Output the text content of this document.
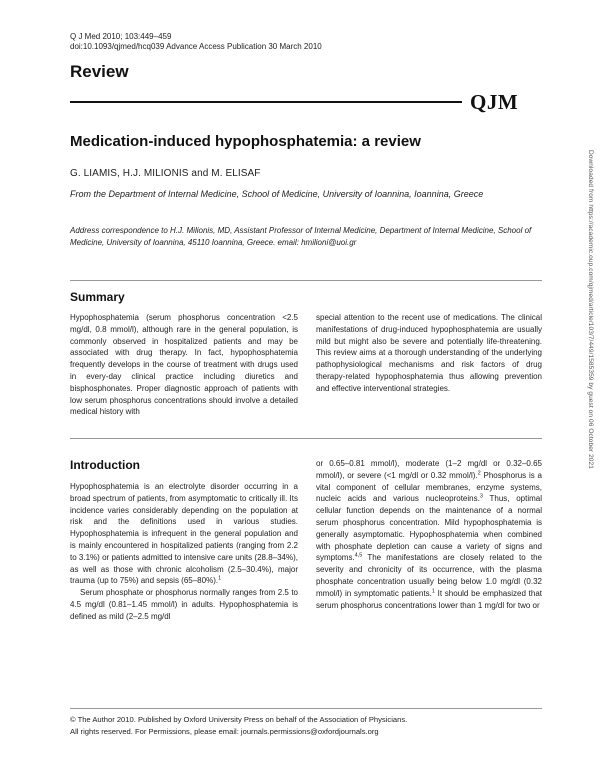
Q J Med 2010; 103:449–459
doi:10.1093/qjmed/hcq039 Advance Access Publication 30 March 2010
Review
QJM
Medication-induced hypophosphatemia: a review
G. LIAMIS, H.J. MILIONIS and M. ELISAF
From the Department of Internal Medicine, School of Medicine, University of Ioannina, Ioannina, Greece
Address correspondence to H.J. Milionis, MD, Assistant Professor of Internal Medicine, Department of Internal Medicine, School of Medicine, University of Ioannina, 45110 Ioannina, Greece. email: hmilioni@uoi.gr
Summary

Hypophosphatemia (serum phosphorus concentration <2.5 mg/dl, 0.8 mmol/l), although rare in the general population, is commonly observed in hospitalized patients and may be associated with drug therapy. In fact, hypophosphatemia frequently develops in the course of treatment with drugs used in every-day clinical practice including diuretics and bisphosphonates. Proper diagnostic approach of patients with low serum phosphorus concentrations should involve a detailed medical history with

special attention to the recent use of medications. The clinical manifestations of drug-induced hypophosphatemia are usually mild but might also be severe and potentially life-threatening. This review aims at a thorough understanding of the underlying pathophysiological mechanisms and risk factors of drug therapy-related hypophosphatemia thus allowing prevention and effective interventional strategies.

Introduction

Hypophosphatemia is an electrolyte disorder occurring in a broad spectrum of patients, from asymptomatic to critically ill. Its incidence varies considerably depending on the population at risk and the definitions used in various studies. Hypophosphatemia is infrequent in the general population and is mainly encountered in hospitalized patients (ranging from 2.2 to 3.1%) or patients admitted to intensive care units (28.8–34%), as well as those with chronic alcoholism (2.5–30.4%), major trauma (up to 75%) and sepsis (65–80%).$^1$

Serum phosphate or phosphorus normally ranges from 2.5 to 4.5 mg/dl (0.81–1.45 mmol/l) in adults. Hypophosphatemia is defined as mild (2–2.5 mg/dl

or 0.65–0.81 mmol/l), moderate (1–2 mg/dl or 0.32–0.65 mmol/l), or severe (<1 mg/dl or 0.32 mmol/l).$^2$ Phosphorus is a vital component of cellular membranes, enzyme systems, nucleic acids and various nucleoproteins.$^3$ Thus, optimal cellular function depends on the maintenance of a normal serum phosphorus concentration. Mild hypophosphatemia is generally asymptomatic. Hypophosphatemia when combined with phosphate depletion can cause a variety of signs and symptoms.$^{4,5}$ The manifestations are closely related to the severity and chronicity of its occurrence, with the plasma phosphate concentration usually being below 1.0 mg/dl (0.32 mmol/l) in symptomatic patients.$^1$ It should be emphasized that serum phosphorus concentrations lower than 1 mg/dl for two or

© The Author 2010. Published by Oxford University Press on behalf of the Association of Physicians.
All rights reserved. For Permissions, please email: journals.permissions@oxfordjournals.org
Downloaded from https://academic.oup.com/qjmed/article/103/7/449/1585359 by guest on 06 October 2021
